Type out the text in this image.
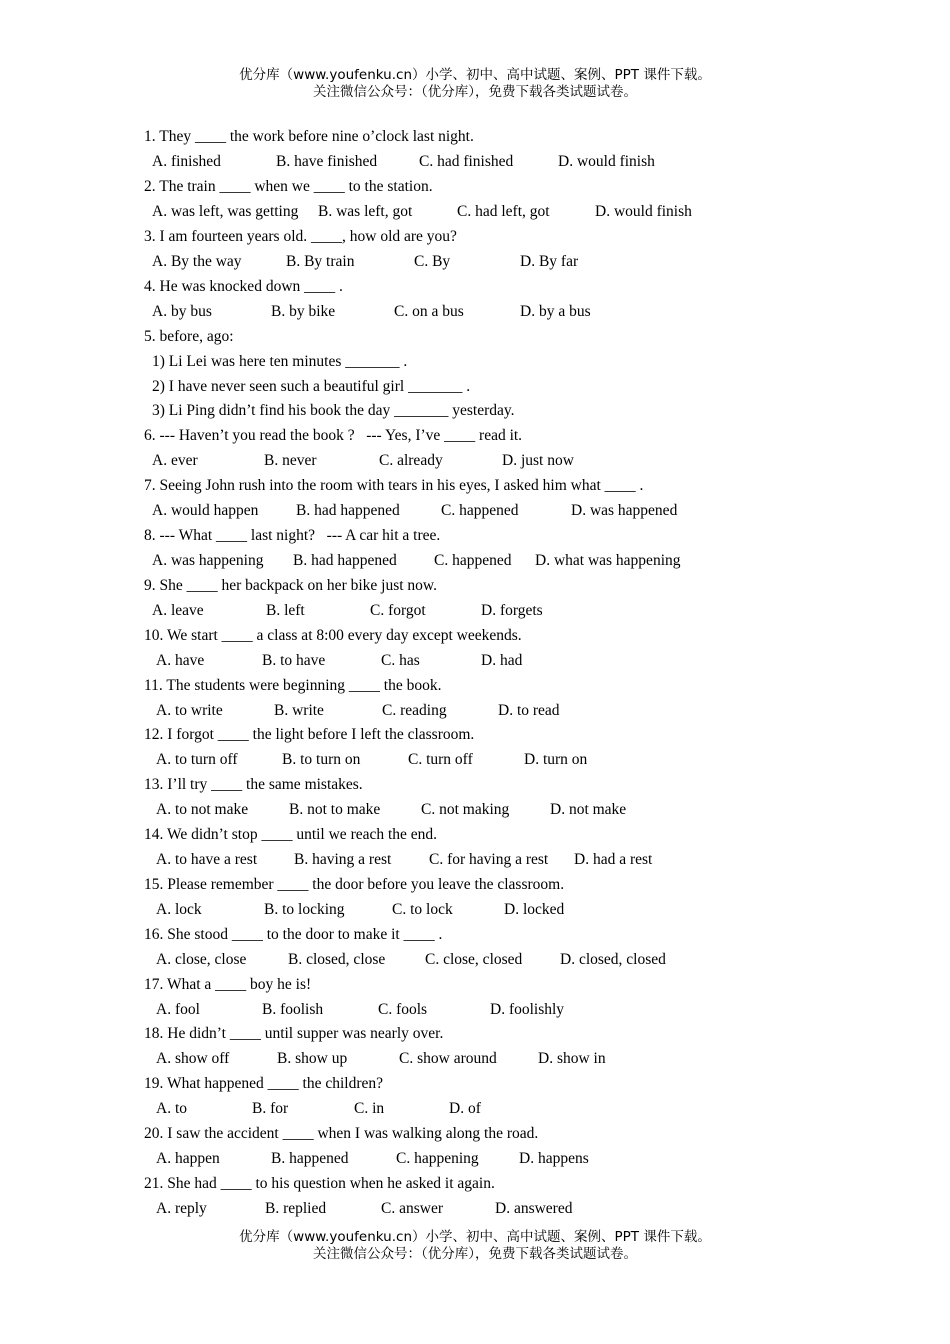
优分库（www.youfenku.cn）小学、初中、高中试题、案例、PPT 课件下载。
关注微信公众号：（优分库），免费下载各类试题试卷。
1. They ____ the work before nine o’clock last night.
A. finished	B. have finished	C. had finished	D. would finish
2. The train ____ when we ____ to the station.
A. was left, was getting B. was left, got	C. had left, got	D. would finish
3. I am fourteen years old. ____, how old are you?
A. By the way	B. By train	C. By	D. By far
4. He was knocked down ____ .
A. by bus	B. by bike	C. on a bus	D. by a bus
5. before, ago:
1) Li Lei was here ten minutes _______ .
2) I have never seen such a beautiful girl _______ .
3) Li Ping didn’t find his book the day _______ yesterday.
6. --- Haven’t you read the book ?   --- Yes, I’ve ____ read it.
A. ever	B. never	C. already	D. just now
7. Seeing John rush into the room with tears in his eyes, I asked him what ____ .
A. would happen B. had happened	C. happened	D. was happened
8. --- What ____ last night?   --- A car hit a tree.
A. was happening B. had happened C. happened D. what was happening
9. She ____ her backpack on her bike just now.
A. leave	B. left	C. forgot	D. forgets
10. We start ____ a class at 8:00 every day except weekends.
A. have	B. to have	C. has	D. had
11. The students were beginning ____ the book.
A. to write	B. write	C. reading	D. to read
12. I forgot ____ the light before I left the classroom.
A. to turn off	B. to turn on	C. turn off	D. turn on
13. I’ll try ____ the same mistakes.
A. to not make	B. not to make	C. not making	D. not make
14. We didn’t stop ____ until we reach the end.
A. to have a rest B. having a rest C. for having a rest D. had a rest
15. Please remember ____ the door before you leave the classroom.
A. lock	B. to locking	C. to lock	D. locked
16. She stood ____ to the door to make it ____ .
A. close, close	B. closed, close	C. close, closed D. closed, closed
17. What a ____ boy he is!
A. fool	B. foolish	C. fools	D. foolishly
18. He didn’t ____ until supper was nearly over.
A. show off	B. show up	C. show around	D. show in
19. What happened ____ the children?
A. to	B. for	C. in	D. of
20. I saw the accident ____ when I was walking along the road.
A. happen	B. happened	C. happening	D. happens
21. She had ____ to his question when he asked it again.
A. reply	B. replied	C. answer	D. answered
优分库（www.youfenku.cn）小学、初中、高中试题、案例、PPT 课件下载。
关注微信公众号：（优分库），免费下载各类试题试卷。
